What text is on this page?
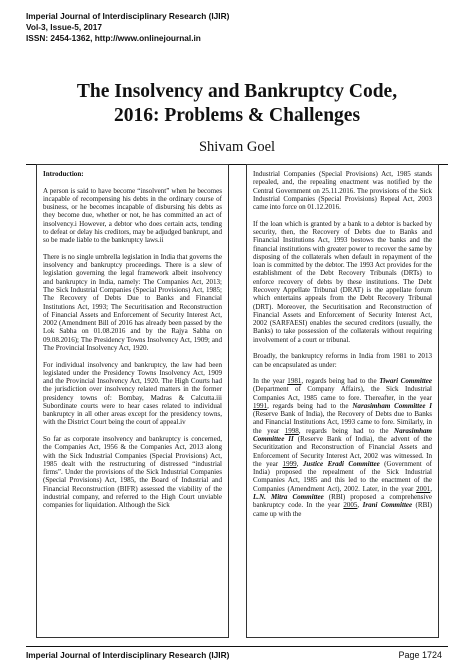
Imperial Journal of Interdisciplinary Research (IJIR)
Vol-3, Issue-5, 2017
ISSN: 2454-1362, http://www.onlinejournal.in
The Insolvency and Bankruptcy Code,
2016: Problems & Challenges
Shivam Goel
Introduction:

A person is said to have become “insolvent” when he becomes incapable of recompensing his debts in the ordinary course of business, or he becomes incapable of disbursing his debts as they become due, whether or not, he has committed an act of insolvency.i However, a debtor who does certain acts, tending to defeat or delay his creditors, may be adjudged bankrupt, and so be made liable to the bankruptcy laws.ii

There is no single umbrella legislation in India that governs the insolvency and bankruptcy proceedings. There is a slew of legislation governing the legal framework albeit insolvency and bankruptcy in India, namely: The Companies Act, 2013; The Sick Industrial Companies (Special Provisions) Act, 1985; The Recovery of Debts Due to Banks and Financial Institutions Act, 1993; The Securitisation and Reconstruction of Financial Assets and Enforcement of Security Interest Act, 2002 (Amendment Bill of 2016 has already been passed by the Lok Sabha on 01.08.2016 and by the Rajya Sabha on 09.08.2016); The Presidency Towns Insolvency Act, 1909; and The Provincial Insolvency Act, 1920.

For individual insolvency and bankruptcy, the law had been legislated under the Presidency Towns Insolvency Act, 1909 and the Provincial Insolvency Act, 1920. The High Courts had the jurisdiction over insolvency related matters in the former presidency towns of: Bombay, Madras & Calcutta.iii Subordinate courts were to hear cases related to individual bankruptcy in all other areas except for the presidency towns, with the District Court being the court of appeal.iv

So far as corporate insolvency and bankruptcy is concerned, the Companies Act, 1956 & the Companies Act, 2013 along with the Sick Industrial Companies (Special Provisions) Act, 1985 dealt with the restructuring of distressed “industrial firms”. Under the provisions of the Sick Industrial Companies (Special Provisions) Act, 1985, the Board of Industrial and Financial Reconstruction (BIFR) assessed the viability of the industrial company, and referred to the High Court unviable companies for liquidation. Although the Sick

Industrial Companies (Special Provisions) Act, 1985 stands repealed, and, the repealing enactment was notified by the Central Government on 25.11.2016. The provisions of the Sick Industrial Companies (Special Provisions) Repeal Act, 2003 came into force on 01.12.2016.

If the loan which is granted by a bank to a debtor is backed by security, then, the Recovery of Debts due to Banks and Financial Institutions Act, 1993 bestows the banks and the financial institutions with greater power to recover the same by disposing of the collaterals when default in repayment of the loan is committed by the debtor. The 1993 Act provides for the establishment of the Debt Recovery Tribunals (DRTs) to enforce recovery of debts by these institutions. The Debt Recovery Appellate Tribunal (DRAT) is the appellate forum which entertains appeals from the Debt Recovery Tribunal (DRT). Moreover, the Securitisation and Reconstruction of Financial Assets and Enforcement of Security Interest Act, 2002 (SARFAESI) enables the secured creditors (usually, the Banks) to take possession of the collaterals without requiring involvement of a court or tribunal.

Broadly, the bankruptcy reforms in India from 1981 to 2013 can be encapsulated as under:

In the year 1981, regards being had to the Tiwari Committee (Department of Company Affairs), the Sick Industrial Companies Act, 1985 came to fore. Thereafter, in the year 1991, regards being had to the Narasimham Committee I (Reserve Bank of India), the Recovery of Debts due to Banks and Financial Institutions Act, 1993 came to fore. Similarly, in the year 1998, regards being had to the Narasimham Committee II (Reserve Bank of India), the advent of the Securitization and Reconstruction of Financial Assets and Enforcement of Security Interest Act, 2002 was witnessed. In the year 1999, Justice Eradi Committee (Government of India) proposed the repealment of the Sick Industrial Companies Act, 1985 and this led to the enactment of the Companies (Amendment Act), 2002. Later, in the year 2001, L.N. Mitra Committee (RBI) proposed a comprehensive bankruptcy code. In the year 2005, Irani Committee (RBI) came up with the

Imperial Journal of Interdisciplinary Research (IJIR)	Page 1724
